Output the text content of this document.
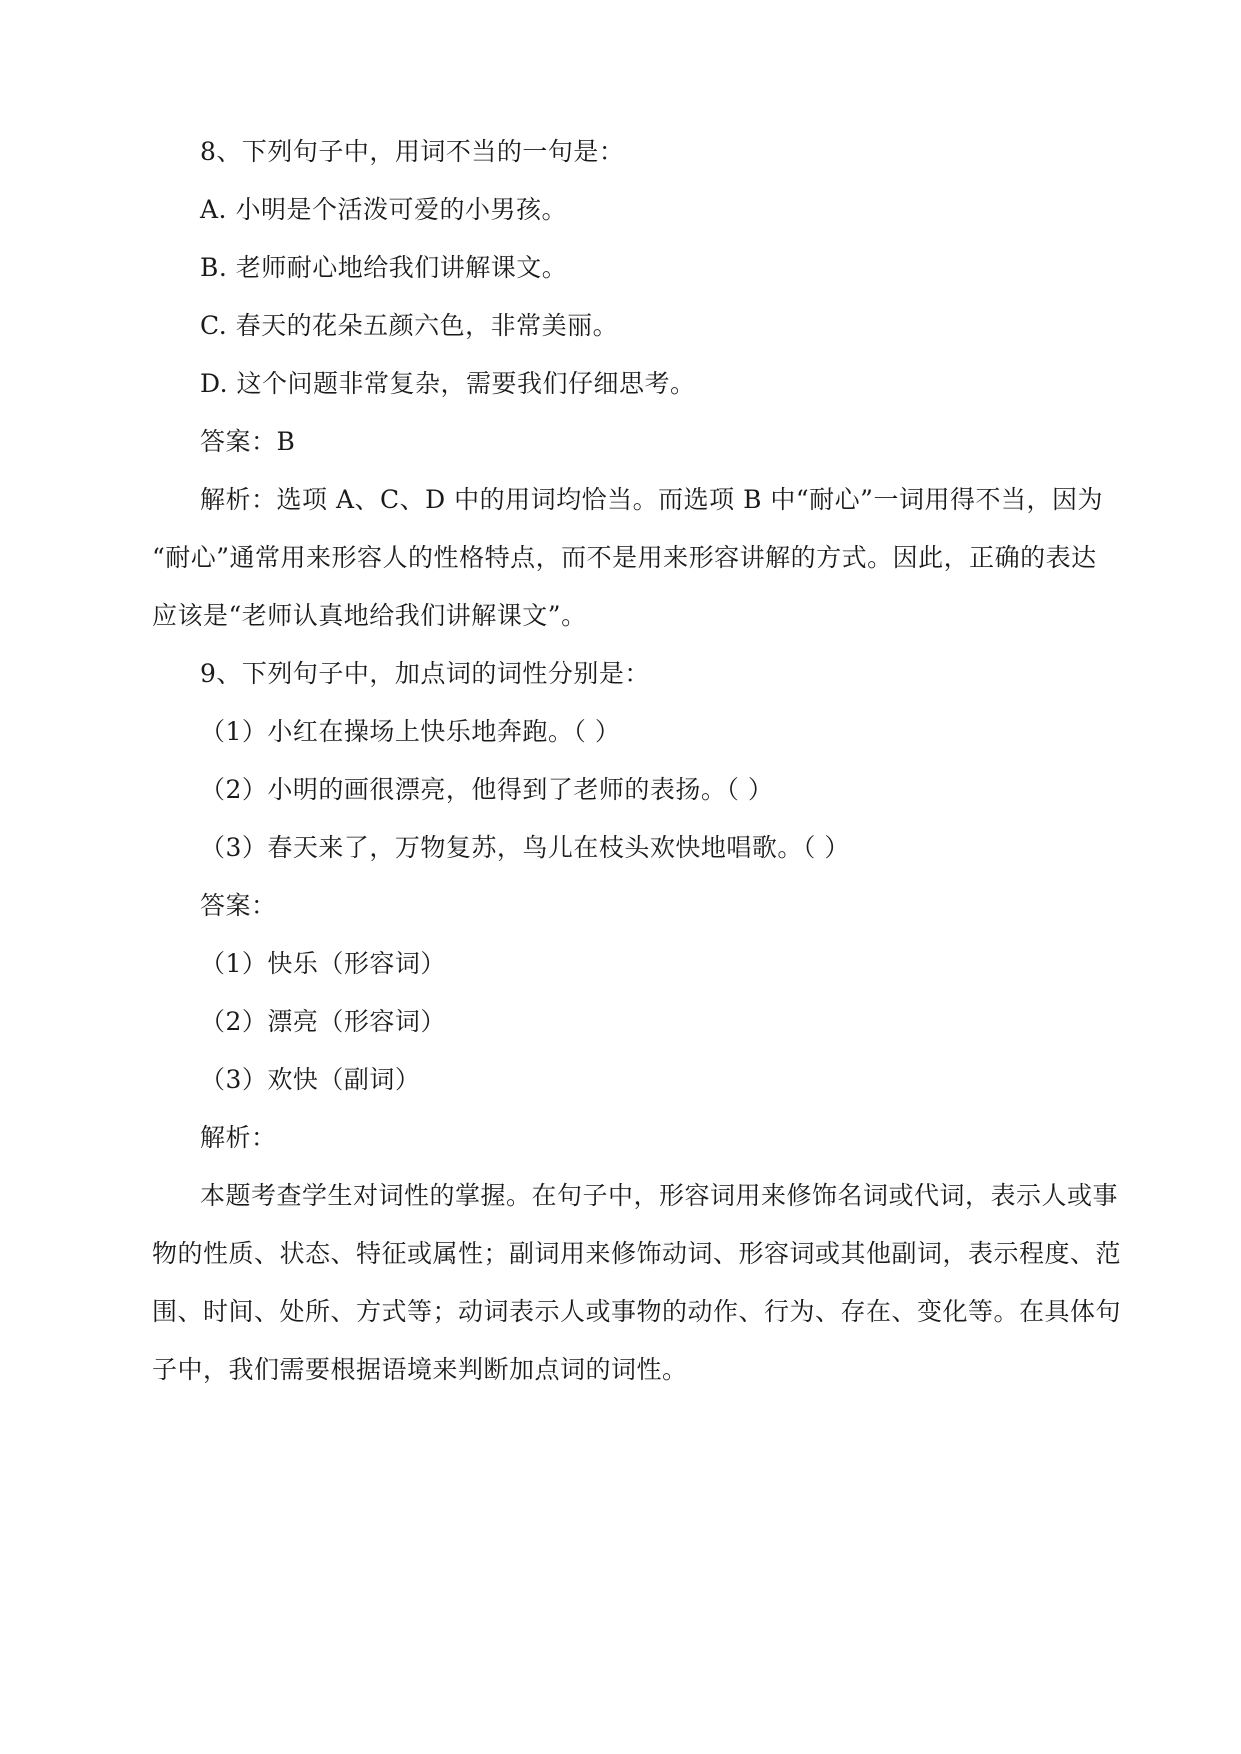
8、下列句子中，用词不当的一句是：
A. 小明是个活泼可爱的小男孩。
B. 老师耐心地给我们讲解课文。
C. 春天的花朵五颜六色，非常美丽。
D. 这个问题非常复杂，需要我们仔细思考。
答案：B
解析：选项 A、C、D 中的用词均恰当。而选项 B 中“耐心”一词用得不当，因为
“耐心”通常用来形容人的性格特点，而不是用来形容讲解的方式。因此，正确的表达
应该是“老师认真地给我们讲解课文”。
9、下列句子中，加点词的词性分别是：
（1）小红在操场上快乐地奔跑。（ ）
（2）小明的画很漂亮，他得到了老师的表扬。（ ）
（3）春天来了，万物复苏，鸟儿在枝头欢快地唱歌。（ ）
答案：
（1）快乐（形容词）
（2）漂亮（形容词）
（3）欢快（副词）
解析：
本题考查学生对词性的掌握。在句子中，形容词用来修饰名词或代词，表示人或事
物的性质、状态、特征或属性；副词用来修饰动词、形容词或其他副词，表示程度、范
围、时间、处所、方式等；动词表示人或事物的动作、行为、存在、变化等。在具体句
子中，我们需要根据语境来判断加点词的词性。
